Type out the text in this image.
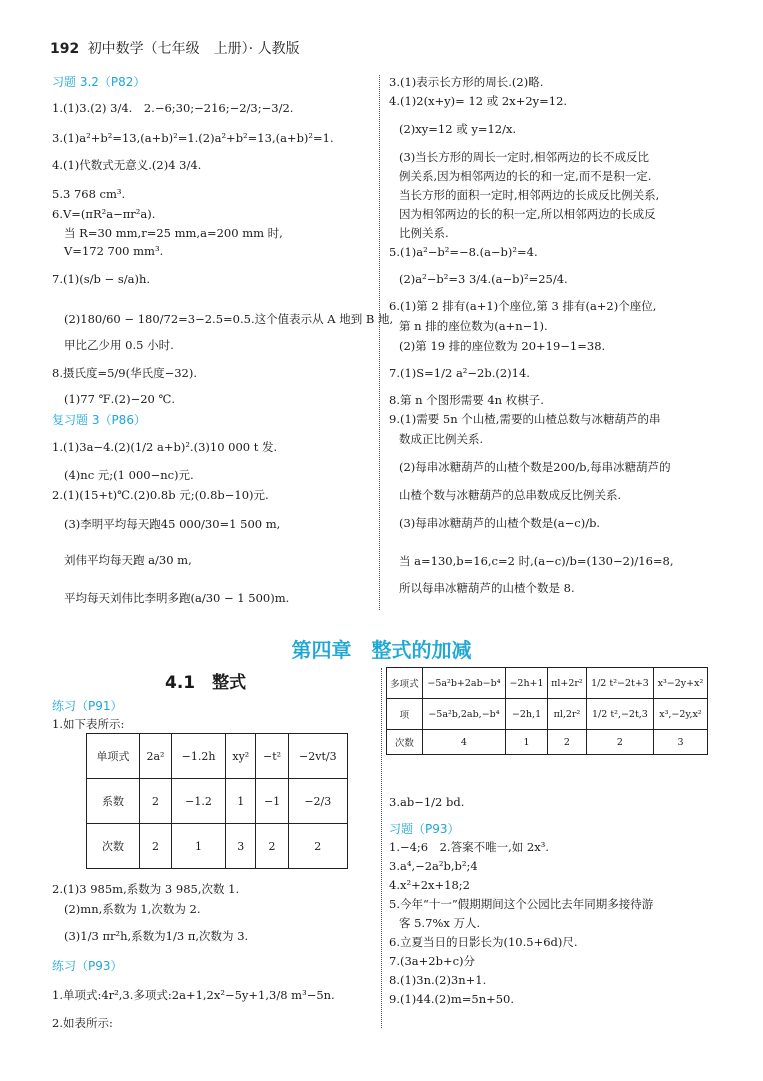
192 初中数学（七年级　上册）· 人教版
习题 3.2（P82）
1.(1)3.(2) 3/4.　2.−6;30;−216;−2/3;−3/2.
3.(1)a²+b²=13,(a+b)²=1.(2)a²+b²=13,(a+b)²=1.
4.(1)代数式无意义.(2)4 3/4.
5.3 768 cm³.
6.V=(πR²a−πr²a).
当 R=30 mm,r=25 mm,a=200 mm 时,
V=172 700 mm³.
7.(1)(s/b − s/a)h.
(2)180/60 − 180/72=3−2.5=0.5.这个值表示从 A 地到 B 地,
甲比乙少用 0.5 小时.
8.摄氏度=5/9(华氏度−32).
(1)77 ℉.(2)−20 ℃.
复习题 3（P86）
1.(1)3a−4.(2)(1/2 a+b)².(3)10 000 t 发.
(4)nc 元;(1 000−nc)元.
2.(1)(15+t)℃.(2)0.8b 元;(0.8b−10)元.
(3)李明平均每天跑45 000/30=1 500 m,
刘伟平均每天跑 a/30 m,
平均每天刘伟比李明多跑(a/30 − 1 500)m.
3.(1)表示长方形的周长.(2)略.
4.(1)2(x+y)= 12 或 2x+2y=12.
(2)xy=12 或 y=12/x.
(3)当长方形的周长一定时,相邻两边的长不成反比
例关系,因为相邻两边的长的和一定,而不是积一定.
当长方形的面积一定时,相邻两边的长成反比例关系,
因为相邻两边的长的积一定,所以相邻两边的长成反
比例关系.
5.(1)a²−b²=−8.(a−b)²=4.
(2)a²−b²=3 3/4.(a−b)²=25/4.
6.(1)第 2 排有(a+1)个座位,第 3 排有(a+2)个座位,
第 n 排的座位数为(a+n−1).
(2)第 19 排的座位数为 20+19−1=38.
7.(1)S=1/2 a²−2b.(2)14.
8.第 n 个图形需要 4n 枚棋子.
9.(1)需要 5n 个山楂,需要的山楂总数与冰糖葫芦的串
数成正比例关系.
(2)每串冰糖葫芦的山楂个数是200/b,每串冰糖葫芦的
山楂个数与冰糖葫芦的总串数成反比例关系.
(3)每串冰糖葫芦的山楂个数是(a−c)/b.
当 a=130,b=16,c=2 时,(a−c)/b=(130−2)/16=8,
所以每串冰糖葫芦的山楂个数是 8.
第四章　整式的加减
4.1　整式
练习（P91）
1.如下表所示:
单项式	2a²	−1.2h	xy²	−t²	−2vt/3
系数	2	−1.2	1	−1	−2/3
次数	2	1	3	2	2
2.(1)3 985m,系数为 3 985,次数 1.
(2)mn,系数为 1,次数为 2.
(3)1/3 πr²h,系数为1/3 π,次数为 3.
练习（P93）
1.单项式:4r²,3.多项式:2a+1,2x²−5y+1,3/8 m³−5n.
2.如表所示:
多项式	−5a²b+2ab−b⁴	−2h+1	πl+2r²	1/2 t²−2t+3	x³−2y+x²
项	−5a²b,2ab,−b⁴	−2h,1	πl,2r²	1/2 t²,−2t,3	x³,−2y,x²
次数	4	1	2	2	3
3.ab−1/2 bd.
习题（P93）
1.−4;6　2.答案不唯一,如 2x³.
3.a⁴,−2a²b,b²;4
4.x²+2x+18;2
5.今年“十一”假期期间这个公园比去年同期多接待游
客 5.7%x 万人.
6.立夏当日的日影长为(10.5+6d)尺.
7.(3a+2b+c)分
8.(1)3n.(2)3n+1.
9.(1)44.(2)m=5n+50.
